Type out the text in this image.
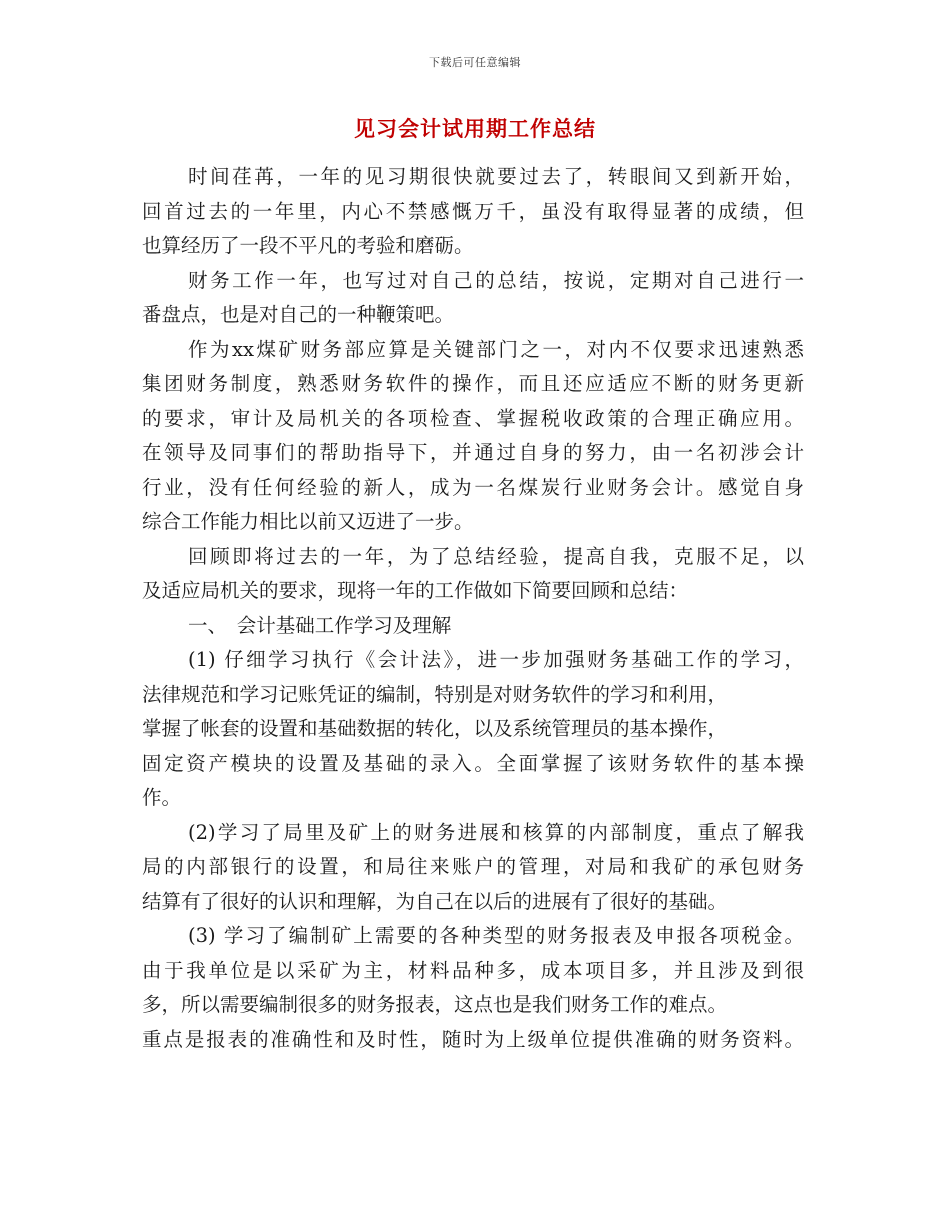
下载后可任意编辑
见习会计试用期工作总结
时间荏苒，一年的见习期很快就要过去了，转眼间又到新开始，
回首过去的一年里，内心不禁感慨万千，虽没有取得显著的成绩，但
也算经历了一段不平凡的考验和磨砺。
财务工作一年，也写过对自己的总结，按说，定期对自己进行一
番盘点，也是对自己的一种鞭策吧。
作为xx煤矿财务部应算是关键部门之一，对内不仅要求迅速熟悉
集团财务制度，熟悉财务软件的操作，而且还应适应不断的财务更新
的要求，审计及局机关的各项检查、掌握税收政策的合理正确应用。
在领导及同事们的帮助指导下，并通过自身的努力，由一名初涉会计
行业，没有任何经验的新人，成为一名煤炭行业财务会计。感觉自身
综合工作能力相比以前又迈进了一步。
回顾即将过去的一年，为了总结经验，提高自我，克服不足，以
及适应局机关的要求，现将一年的工作做如下简要回顾和总结：
一、　会计基础工作学习及理解
(1) 仔细学习执行《会计法》，进一步加强财务基础工作的学习，
法律规范和学习记账凭证的编制，特别是对财务软件的学习和利用，
掌握了帐套的设置和基础数据的转化，以及系统管理员的基本操作，
固定资产模块的设置及基础的录入。全面掌握了该财务软件的基本操
作。
(2)学习了局里及矿上的财务进展和核算的内部制度，重点了解我
局的内部银行的设置，和局往来账户的管理，对局和我矿的承包财务
结算有了很好的认识和理解，为自己在以后的进展有了很好的基础。
(3) 学习了编制矿上需要的各种类型的财务报表及申报各项税金。
由于我单位是以采矿为主，材料品种多，成本项目多，并且涉及到很
多，所以需要编制很多的财务报表，这点也是我们财务工作的难点。
重点是报表的准确性和及时性，随时为上级单位提供准确的财务资料。
